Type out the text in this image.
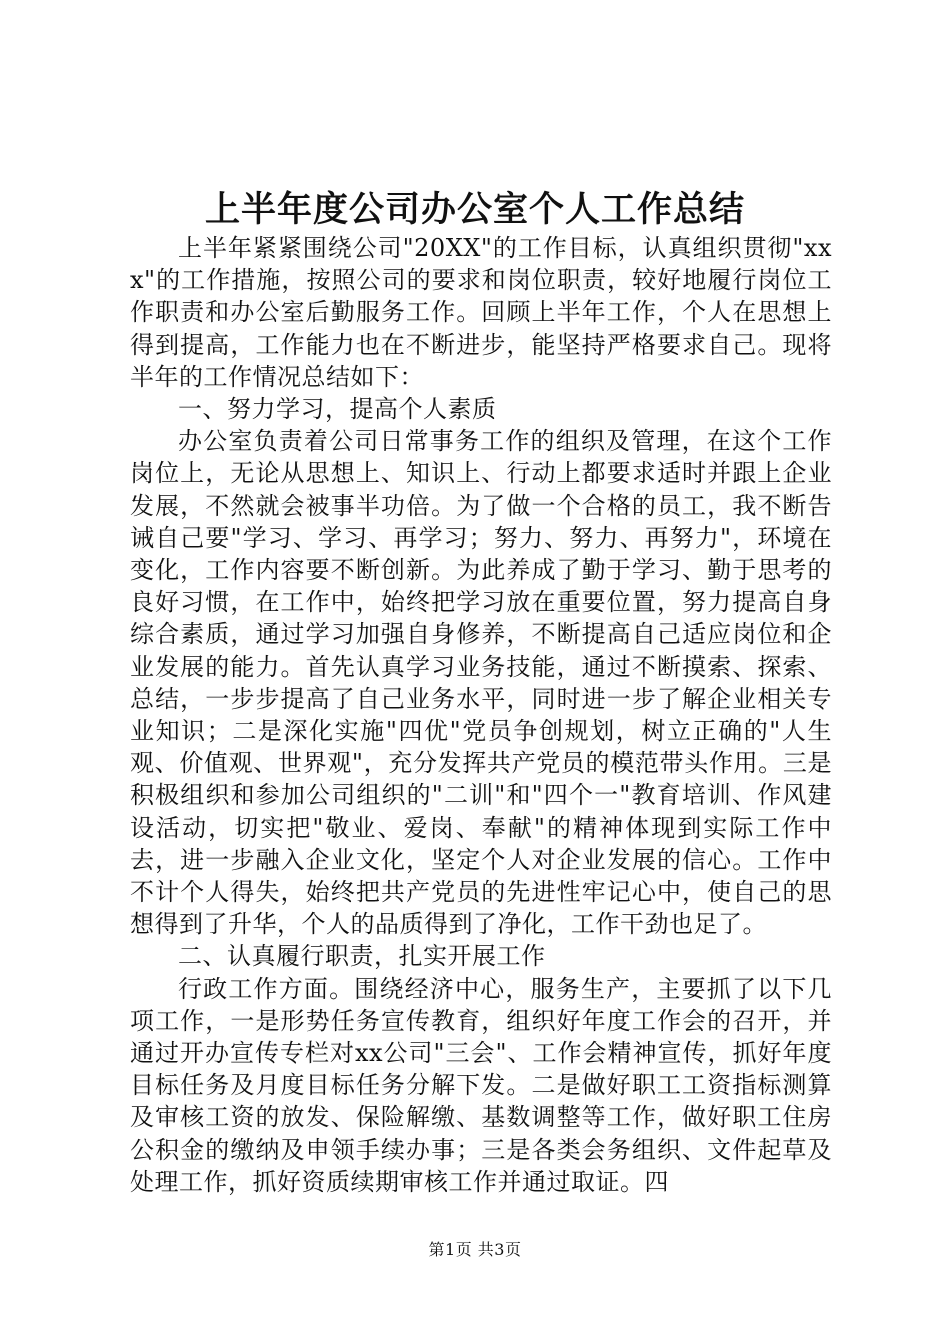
上半年度公司办公室个人工作总结

上半年紧紧围绕公司"20XX"的工作目标，认真组织贯彻"xxx"的工作措施，按照公司的要求和岗位职责，较好地履行岗位工作职责和办公室后勤服务工作。回顾上半年工作，个人在思想上得到提高，工作能力也在不断进步，能坚持严格要求自己。现将半年的工作情况总结如下：

一、努力学习，提高个人素质

办公室负责着公司日常事务工作的组织及管理，在这个工作岗位上，无论从思想上、知识上、行动上都要求适时并跟上企业发展，不然就会被事半功倍。为了做一个合格的员工，我不断告诫自己要"学习、学习、再学习；努力、努力、再努力"，环境在变化，工作内容要不断创新。为此养成了勤于学习、勤于思考的良好习惯，在工作中，始终把学习放在重要位置，努力提高自身综合素质，通过学习加强自身修养，不断提高自己适应岗位和企业发展的能力。首先认真学习业务技能，通过不断摸索、探索、总结，一步步提高了自己业务水平，同时进一步了解企业相关专业知识；二是深化实施"四优"党员争创规划，树立正确的"人生观、价值观、世界观"，充分发挥共产党员的模范带头作用。三是积极组织和参加公司组织的"二训"和"四个一"教育培训、作风建设活动，切实把"敬业、爱岗、奉献"的精神体现到实际工作中去，进一步融入企业文化，坚定个人对企业发展的信心。工作中不计个人得失，始终把共产党员的先进性牢记心中，使自己的思想得到了升华，个人的品质得到了净化，工作干劲也足了。

二、认真履行职责，扎实开展工作

行政工作方面。围绕经济中心，服务生产，主要抓了以下几项工作，一是形势任务宣传教育，组织好年度工作会的召开，并通过开办宣传专栏对xx公司"三会"、工作会精神宣传，抓好年度目标任务及月度目标任务分解下发。二是做好职工工资指标测算及审核工资的放发、保险解缴、基数调整等工作，做好职工住房公积金的缴纳及申领手续办事；三是各类会务组织、文件起草及处理工作，抓好资质续期审核工作并通过取证。四

第1页 共3页
